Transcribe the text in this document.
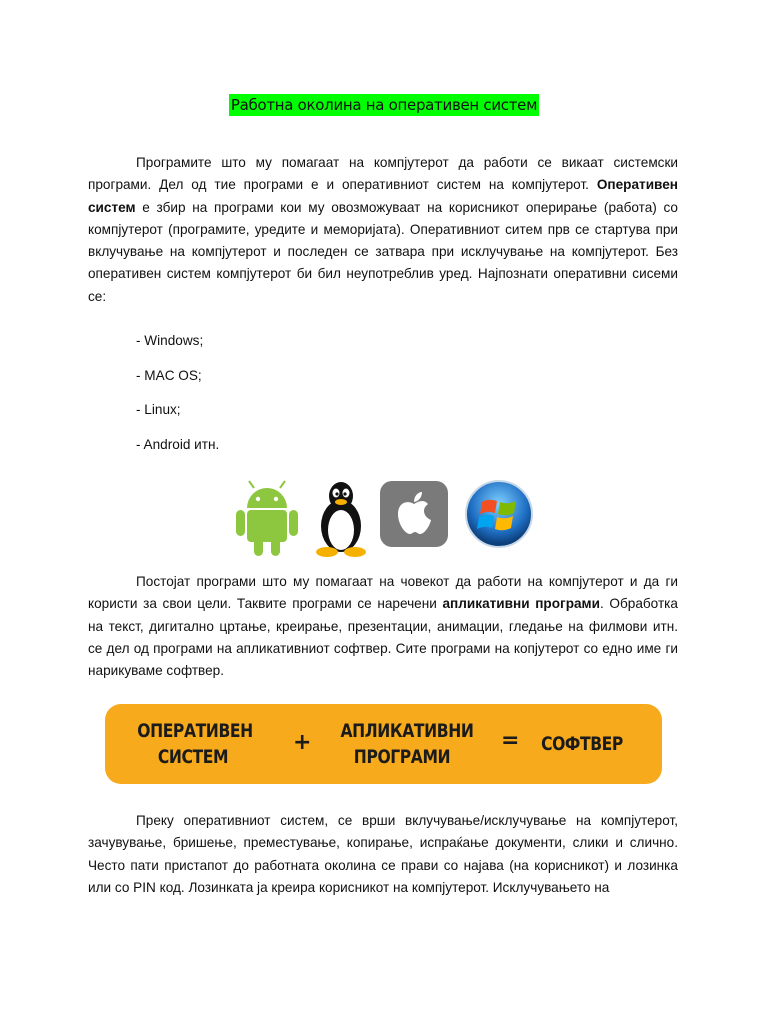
Работна околина на оперативен систем

Програмите што му помагаат на компјутерот да работи се викаат системски програми. Дел од тие програми е и оперативниот систем на компјутерот. Оперативен систем е збир на програми кои му овозможуваат на корисникот оперирање (работа) со компјутерот (програмите, уредите и меморијата). Оперативниот ситем прв се стартува при вклучување на компјутерот и последен се затвара при исклучување на компјутерот. Без оперативен систем компјутерот би бил неупотреблив уред. Најпознати оперативни сисеми се:

- Windows;
- MAC OS;
- Linux;
- Android итн.

Постојат програми што му помагаат на човекот да работи на компјутерот и да ги користи за свои цели. Таквите програми се наречени апликативни програми. Обработка на текст, дигитално цртање, креирање, презентации, анимации, гледање на филмови итн. се дел од програми на апликативниот софтвер. Сите програми на копјутерот со едно име ги нарикуваме софтвер.

ОПЕРАТИВЕН
СИСТЕМ
+ АПЛИКАТИВНИ
ПРОГРАМИ
=	СОФТВЕР

Преку оперативниот систем, се врши вклучување/исклучување на компјутерот, зачувување, бришење, преместување, копирање, испраќање документи, слики и слично. Често пати пристапот до работната околина се прави со најава (на корисникот) и лозинка или со PIN код. Лозинката ја креира корисникот на компјутерот. Исклучувањето на
